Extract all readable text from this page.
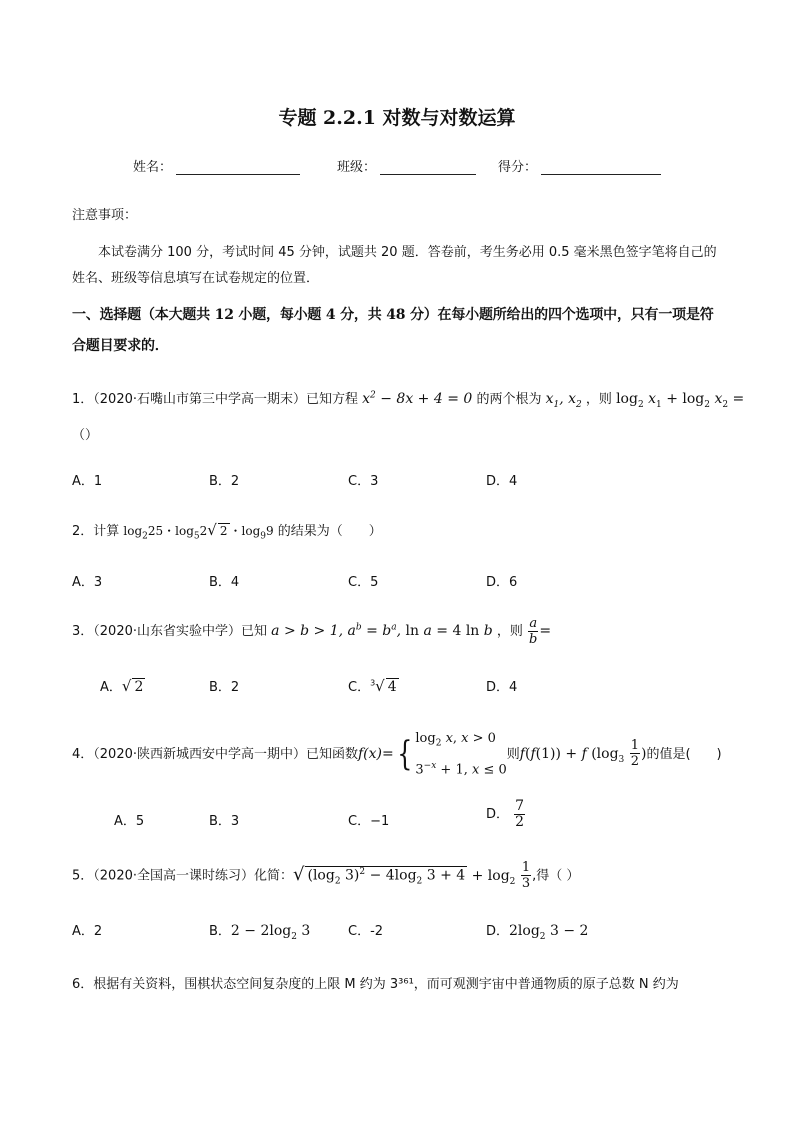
专题 2.2.1 对数与对数运算
姓名：	班级：	得分：
注意事项：
本试卷满分 100 分，考试时间 45 分钟，试题共 20 题．答卷前，考生务必用 0.5 毫米黑色签字笔将自己的姓名、班级等信息填写在试卷规定的位置．
一、选择题（本大题共 12 小题，每小题 4 分，共 48 分）在每小题所给出的四个选项中，只有一项是符合题目要求的．
1．（2020·石嘴山市第三中学高一期末）已知方程 $x^2 - 8x + 4 = 0$ 的两个根为 $x_1$, $x_2$ ，则 $\log_2 x_1 + \log_2 x_2$ =
（）
A．1	B．2	C．3	D．4
2．计算 $\log_225$・$\log_52√$ 2 ・$\log_99$ 的结果为（　　）
A．3	B．4	C．5	D．6
3．（2020·山东省实验中学）已知 a > b > 1, $a^b = b^a$, ln a = 4 ln b ，则 $\frac{a}{b}$ =
A．√ 2	B．2	C．$^3$√ 4	D．4
4．（2020·陕西新城西安中学高一期中）已知函数f(x)={ $\log_2 x$, x > 0
$3^{-x} + 1$, x ≤ 0
则f(f(1)) + f ($\log_3 \frac{1}{2}$ )的值是(　　)
A．5	B．3	C．−1	D． $\frac{7}{2}$
5．（2020·全国高一课时练习）化简：√ ($\log_2$ $3)^2 - 4\log_2$ $3 + 4 + \log_2 \frac{1}{3}$ ,得（ ）
A．2	B．$2 - 2\log_2$ 3	C．-2	D．$2\log_2$ 3 − 2
6．根据有关资料，围棋状态空间复杂度的上限 M 约为 3³⁶¹，而可观测宇宙中普通物质的原子总数 N 约为
